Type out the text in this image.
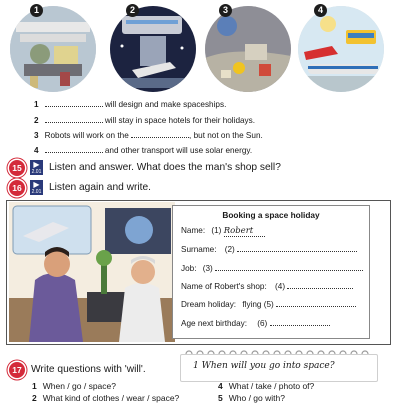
1	2	3	4
1	will design and make spaceships.
2	will stay in space hotels for their holidays.
3 Robots will work on the	, but not on the Sun.
4	and other transport will use solar energy.
15	▶
2.01 Listen and answer. What does the man's shop sell?
16	▶
2.01 Listen again and write.
Booking a space holiday
Name: (1) Robert
Surname: (2)
Job: (3)
Name of Robert's shop: (4)
Dream holiday: flying (5)
Age next birthday: (6)
17 Write questions with 'will'.	1 When will you go into space?
1 When / go / space?
2 What kind of clothes / wear / space?
4 What / take / photo of?
5 Who / go with?
